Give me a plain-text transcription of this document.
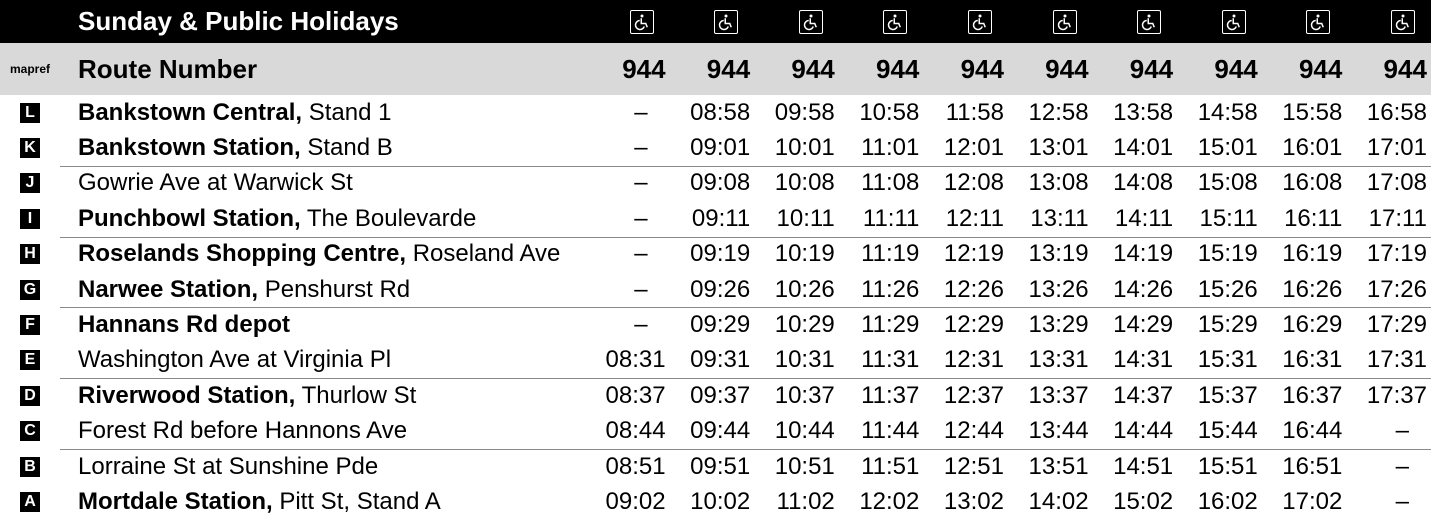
Sunday & Public Holidays
map ref	Route Number	944	944	944	944	944	944	944	944	944	944
L	Bankstown Central, Stand 1	–	08:58	09:58	10:58	11:58	12:58	13:58	14:58	15:58	16:58
K	Bankstown Station, Stand B	–	09:01	10:01	11:01	12:01	13:01	14:01	15:01	16:01	17:01
J	Gowrie Ave at Warwick St	–	09:08	10:08	11:08	12:08	13:08	14:08	15:08	16:08	17:08
I	Punchbowl Station, The Boulevarde	–	09:11	10:11	11:11	12:11	13:11	14:11	15:11	16:11	17:11
H	Roselands Shopping Centre, Roseland Ave	–	09:19	10:19	11:19	12:19	13:19	14:19	15:19	16:19	17:19
G	Narwee Station, Penshurst Rd	–	09:26	10:26	11:26	12:26	13:26	14:26	15:26	16:26	17:26
F	Hannans Rd depot	–	09:29	10:29	11:29	12:29	13:29	14:29	15:29	16:29	17:29
E	Washington Ave at Virginia Pl	08:31	09:31	10:31	11:31	12:31	13:31	14:31	15:31	16:31	17:31
D	Riverwood Station, Thurlow St	08:37	09:37	10:37	11:37	12:37	13:37	14:37	15:37	16:37	17:37
C	Forest Rd before Hannons Ave	08:44	09:44	10:44	11:44	12:44	13:44	14:44	15:44	16:44	–
B	Lorraine St at Sunshine Pde	08:51	09:51	10:51	11:51	12:51	13:51	14:51	15:51	16:51	–
A	Mortdale Station, Pitt St, Stand A	09:02	10:02	11:02	12:02	13:02	14:02	15:02	16:02	17:02	–
